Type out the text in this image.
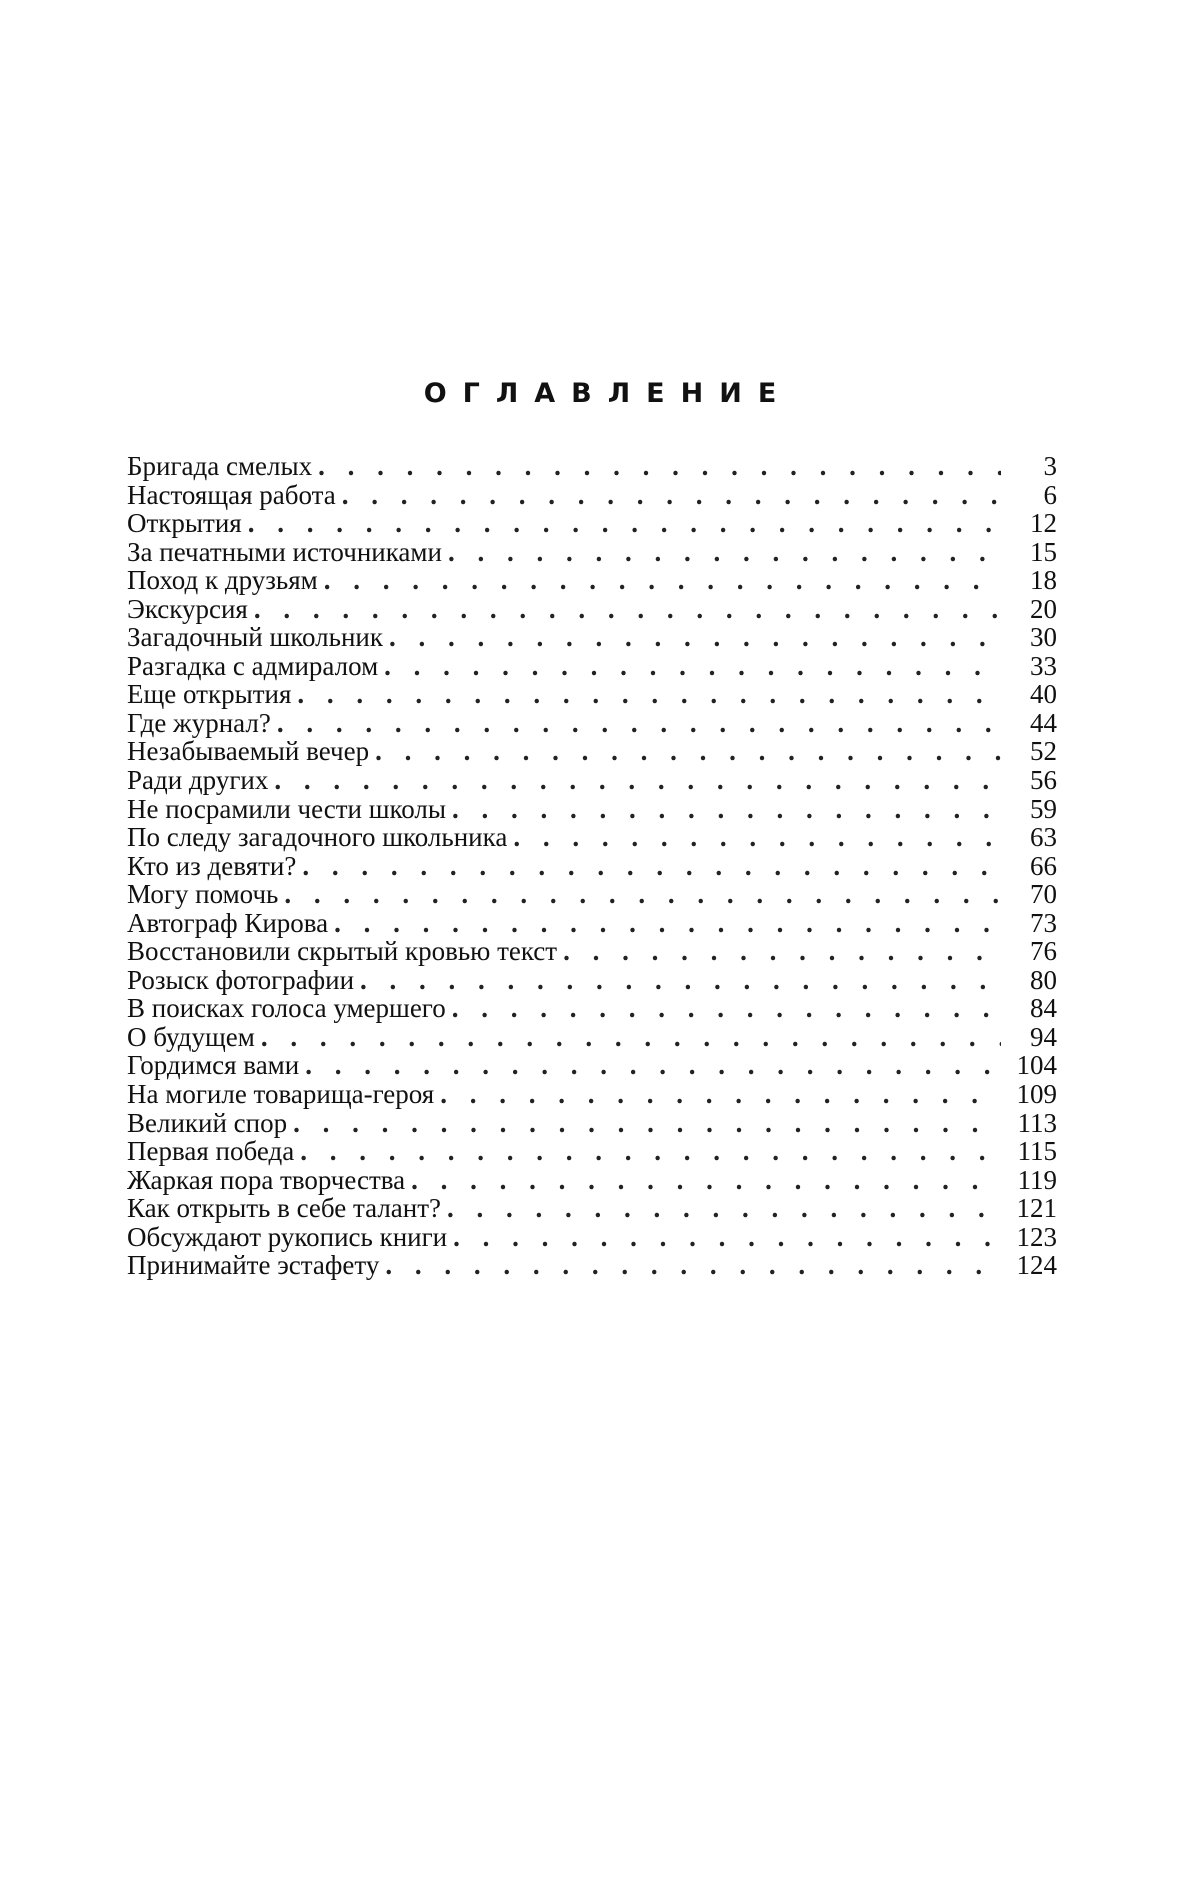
ОГЛАВЛЕНИЕ
Бригада смелых . . .	3
Настоящая работа . . .	6
Открытия . . .	12
За печатными источниками . . .	15
Поход к друзьям . . .	18
Экскурсия . . .	20
Загадочный школьник . . .	30
Разгадка с адмиралом . . .	33
Еще открытия . . .	40
Где журнал? . . .	44
Незабываемый вечер . . .	52
Ради других . . .	56
Не посрамили чести школы . . .	59
По следу загадочного школьника . . .	63
Кто из девяти? . . .	66
Могу помочь . . .	70
Автограф Кирова . . .	73
Восстановили скрытый кровью текст . . .	76
Розыск фотографии . . .	80
В поисках голоса умершего . . .	84
О будущем . . .	94
Гордимся вами . . .	104
На могиле товарища-героя . . .	109
Великий спор . . .	113
Первая победа . . .	115
Жаркая пора творчества . . .	119
Как открыть в себе талант? . . .	121
Обсуждают рукопись книги . . .	123
Принимайте эстафету . . .	124
